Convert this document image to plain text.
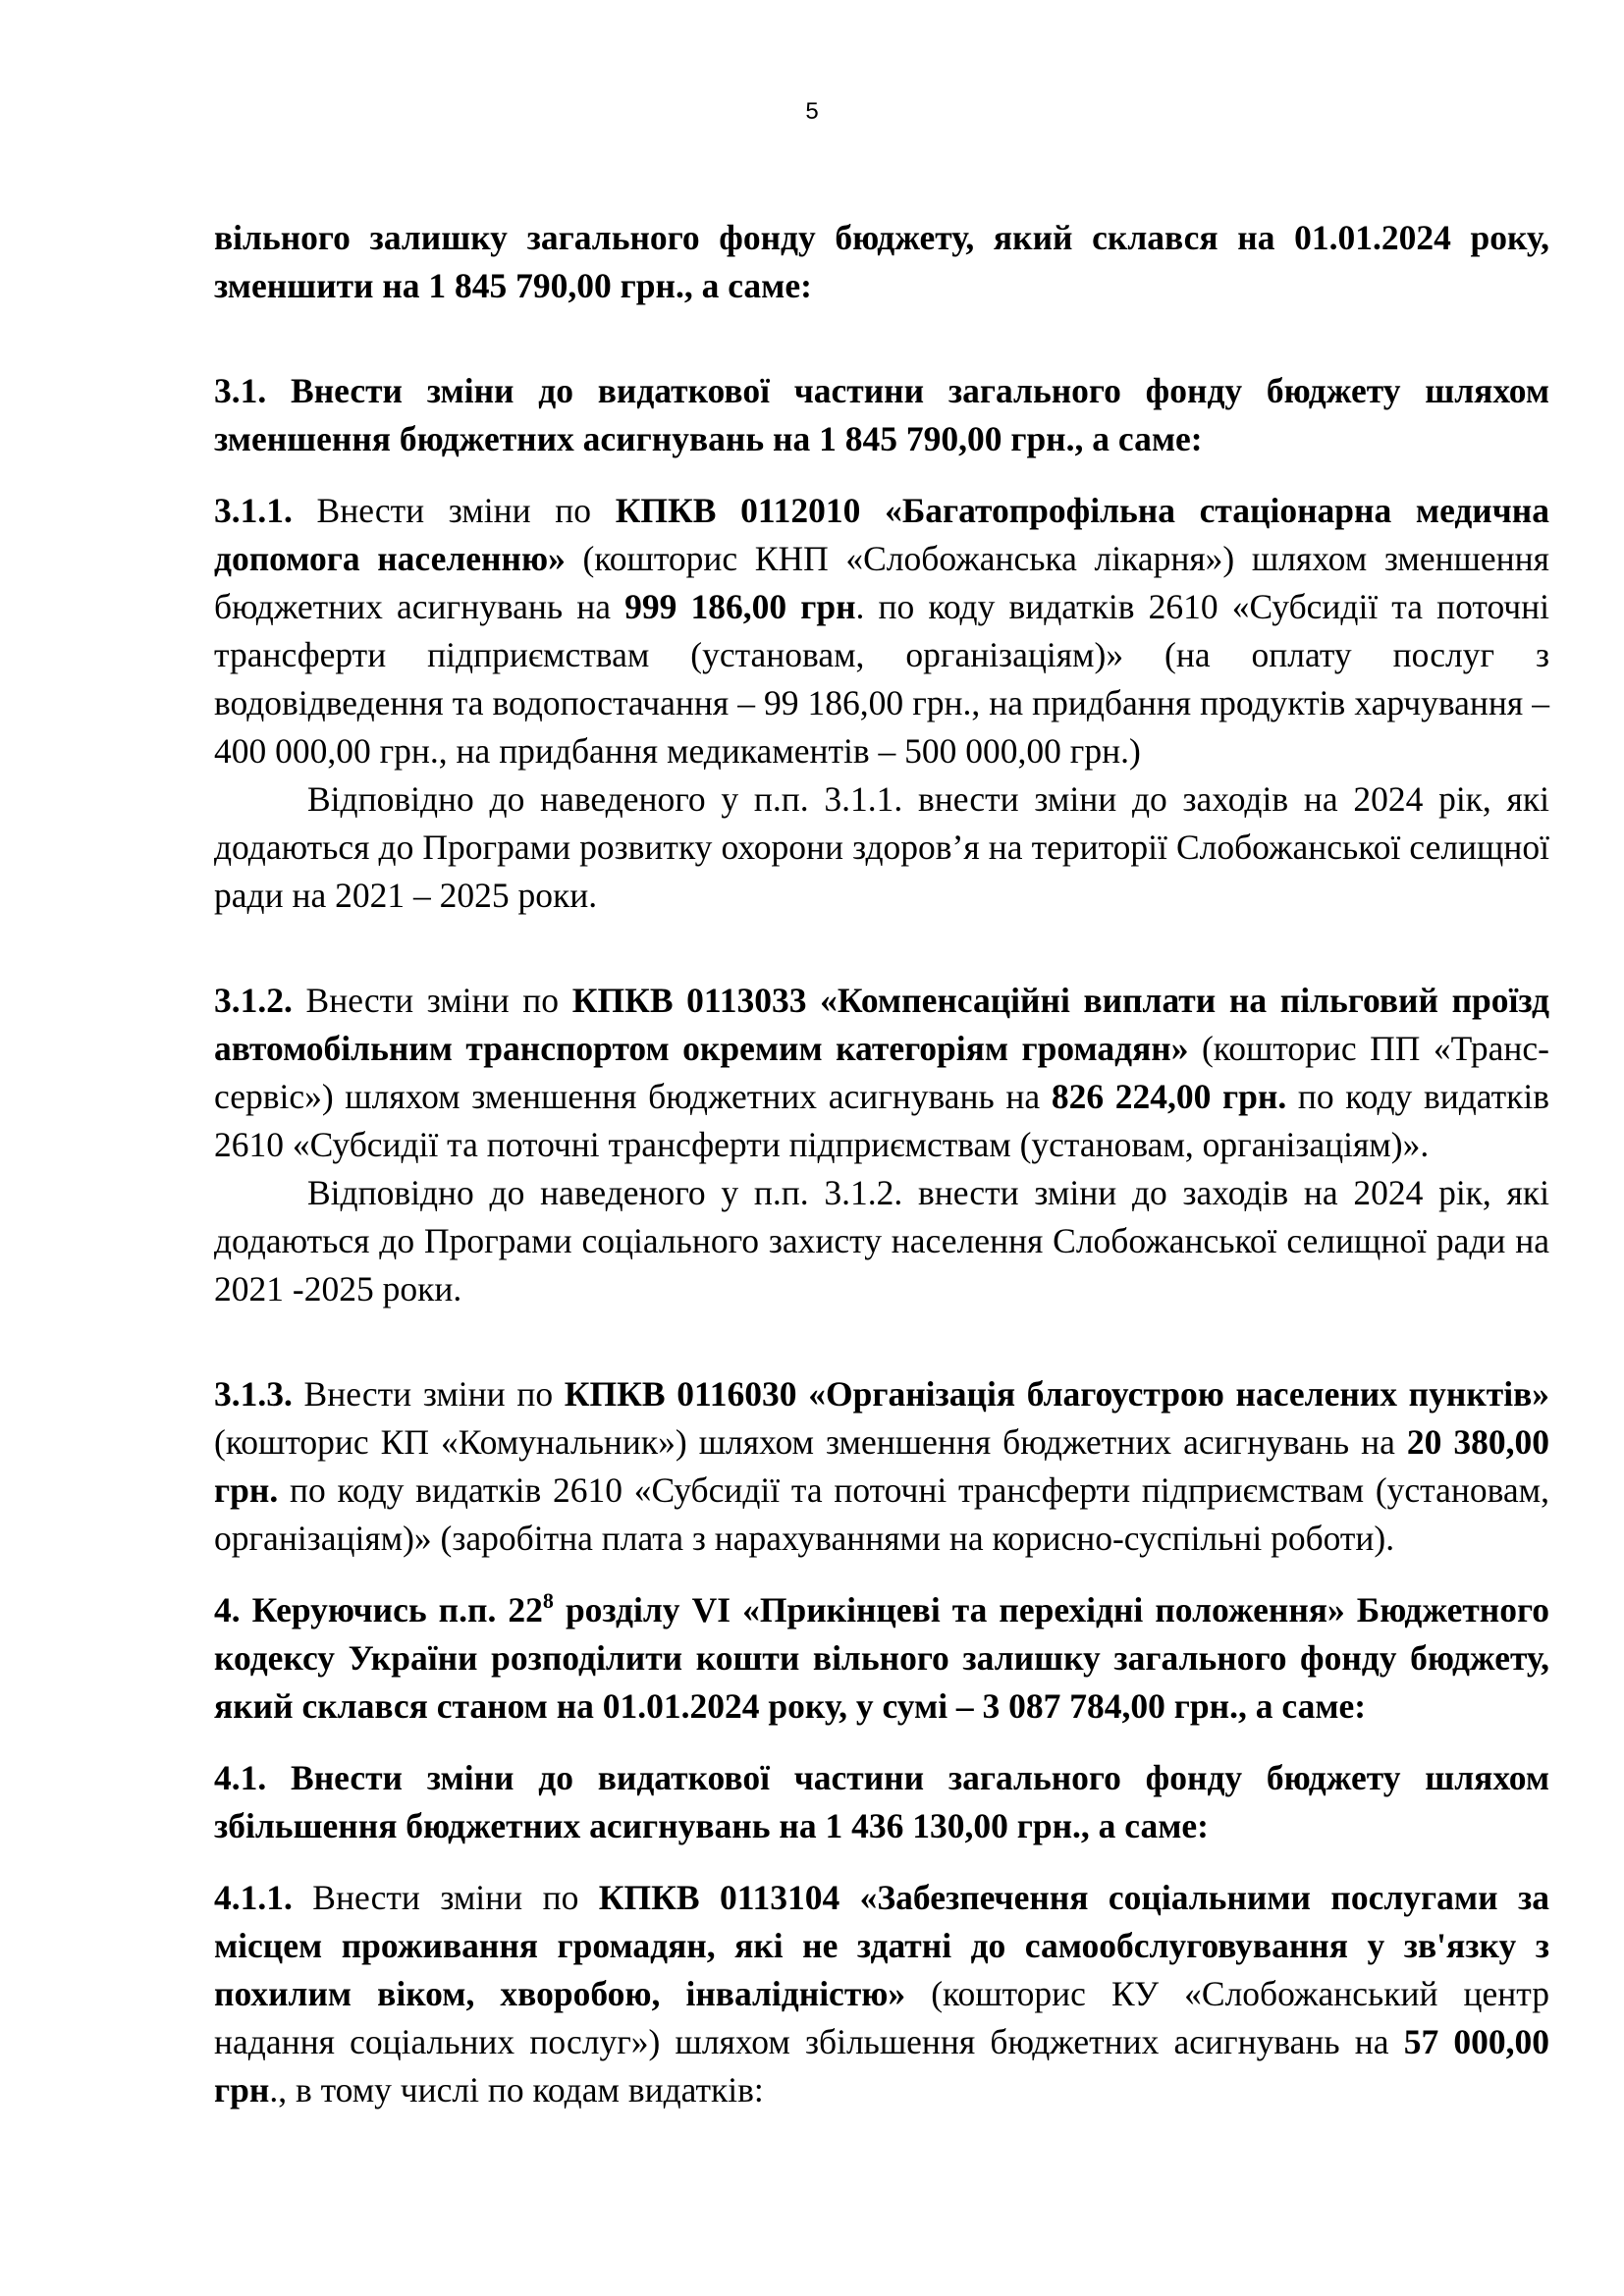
5

вільного залишку загального фонду бюджету, який склався на 01.01.2024 року, зменшити на 1 845 790,00 грн., а саме:

3.1. Внести зміни до видаткової частини загального фонду бюджету шляхом зменшення бюджетних асигнувань на 1 845 790,00 грн., а саме:

3.1.1. Внести зміни по КПКВ 0112010 «Багатопрофільна стаціонарна медична допомога населенню» (кошторис КНП «Слобожанська лікарня») шляхом зменшення бюджетних асигнувань на 999 186,00 грн. по коду видатків 2610 «Субсидії та поточні трансферти підприємствам (установам, організаціям)» (на оплату послуг з водовідведення та водопостачання – 99 186,00 грн., на придбання продуктів харчування – 400 000,00 грн., на придбання медикаментів – 500 000,00 грн.)

Відповідно до наведеного у п.п. 3.1.1. внести зміни до заходів на 2024 рік, які додаються до Програми розвитку охорони здоров’я на території Слобожанської селищної ради на 2021 – 2025 роки.

3.1.2. Внести зміни по КПКВ 0113033 «Компенсаційні виплати на пільговий проїзд автомобільним транспортом окремим категоріям громадян» (кошторис ПП «Транс-сервіс») шляхом зменшення бюджетних асигнувань на 826 224,00 грн. по коду видатків 2610 «Субсидії та поточні трансферти підприємствам (установам, організаціям)».

Відповідно до наведеного у п.п. 3.1.2. внести зміни до заходів на 2024 рік, які додаються до Програми соціального захисту населення Слобожанської селищної ради на 2021 -2025 роки.

3.1.3. Внести зміни по КПКВ 0116030 «Організація благоустрою населених пунктів» (кошторис КП «Комунальник») шляхом зменшення бюджетних асигнувань на 20 380,00 грн. по коду видатків 2610 «Субсидії та поточні трансферти підприємствам (установам, організаціям)» (заробітна плата з нарахуваннями на корисно-суспільні роботи).

4. Керуючись п.п. $22^8$ розділу VI «Прикінцеві та перехідні положення» Бюджетного кодексу України розподілити кошти вільного залишку загального фонду бюджету, який склався станом на 01.01.2024 року, у сумі – 3 087 784,00 грн., а саме:

4.1. Внести зміни до видаткової частини загального фонду бюджету шляхом збільшення бюджетних асигнувань на 1 436 130,00 грн., а саме:

4.1.1. Внести зміни по КПКВ 0113104 «Забезпечення соціальними послугами за місцем проживання громадян, які не здатні до самообслуговування у зв'язку з похилим віком, хворобою, інвалідністю» (кошторис КУ «Слобожанський центр надання соціальних послуг») шляхом збільшення бюджетних асигнувань на 57 000,00 грн., в тому числі по кодам видатків:
